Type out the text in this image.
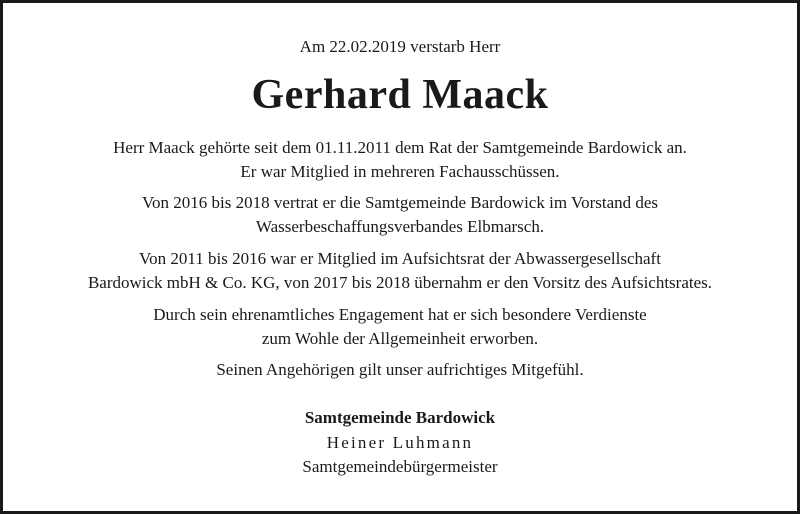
Am 22.02.2019 verstarb Herr
Gerhard Maack
Herr Maack gehörte seit dem 01.11.2011 dem Rat der Samtgemeinde Bardowick an.
Er war Mitglied in mehreren Fachausschüssen.
Von 2016 bis 2018 vertrat er die Samtgemeinde Bardowick im Vorstand des
Wasserbeschaffungsverbandes Elbmarsch.
Von 2011 bis 2016 war er Mitglied im Aufsichtsrat der Abwassergesellschaft
Bardowick mbH & Co. KG, von 2017 bis 2018 übernahm er den Vorsitz des Aufsichtsrates.
Durch sein ehrenamtliches Engagement hat er sich besondere Verdienste
zum Wohle der Allgemeinheit erworben.
Seinen Angehörigen gilt unser aufrichtiges Mitgefühl.
Samtgemeinde Bardowick
Heiner Luhmann
Samtgemeindebürgermeister
